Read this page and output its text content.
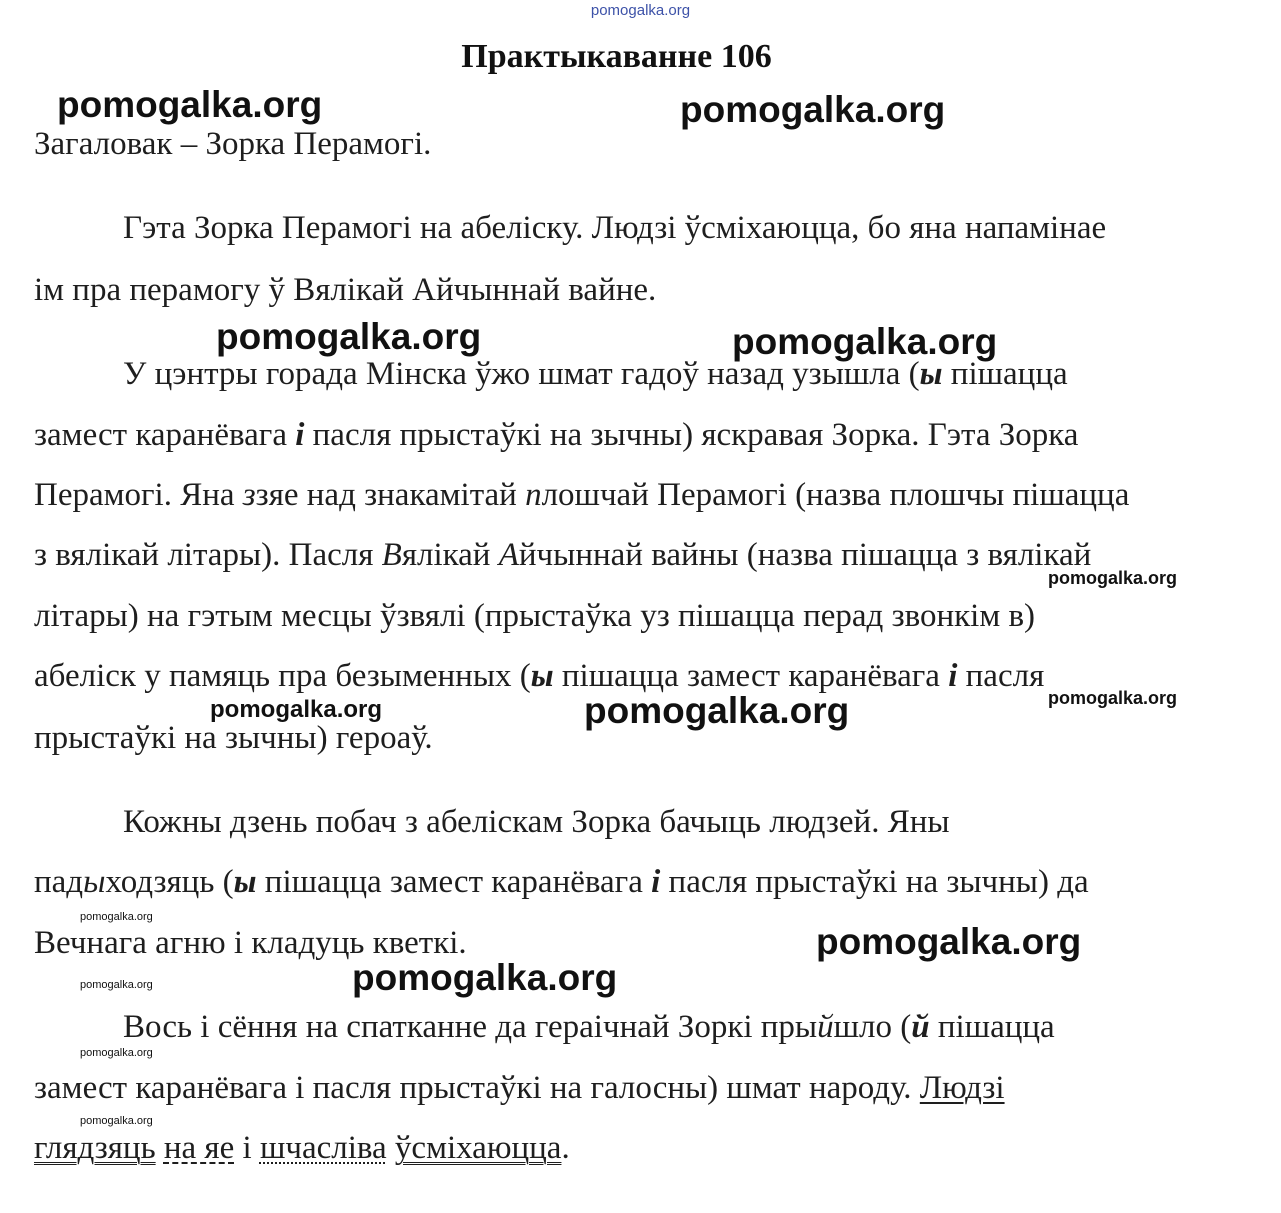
pomogalka.org
Практыкаванне 106
pomogalka.org	pomogalka.org
pomogalka.org	pomogalka.org
pomogalka.org
pomogalka.org
pomogalka.org	pomogalka.org
pomogalka.org
pomogalka.org
pomogalka.org
pomogalka.org
pomogalka.org
pomogalka.org
Загаловак – Зорка Перамогі.
Гэта Зорка Перамогі на абеліску. Людзі ўсміхаюцца, бо яна напамінае
ім пра перамогу ў Вялікай Айчыннай вайне.
У цэнтры горада Мінска ўжо шмат гадоў назад узышла (ы пішацца
замест каранёвага і пасля прыстаўкі на зычны) яскравая Зорка. Гэта Зорка
Перамогі. Яна ззяе над знакамітай плошчай Перамогі (назва плошчы пішацца
з вялікай літары). Пасля Вялікай Айчыннай вайны (назва пішацца з вялікай
літары) на гэтым месцы ўзвялі (прыстаўка уз пішацца перад звонкім в)
абеліск у памяць пра безыменных (ы пішацца замест каранёвага і пасля
прыстаўкі на зычны) героаў.
Кожны дзень побач з абеліскам Зорка бачыць людзей. Яны
падыходзяць (ы пішацца замест каранёвага і пасля прыстаўкі на зычны) да
Вечнага агню і кладуць кветкі.
Вось і сёння на спатканне да гераічнай Зоркі прыйшло (й пішацца
замест каранёвага і пасля прыстаўкі на галосны) шмат народу. Людзі
глядзяць на яе і шчасліва ўсміхаюцца.
